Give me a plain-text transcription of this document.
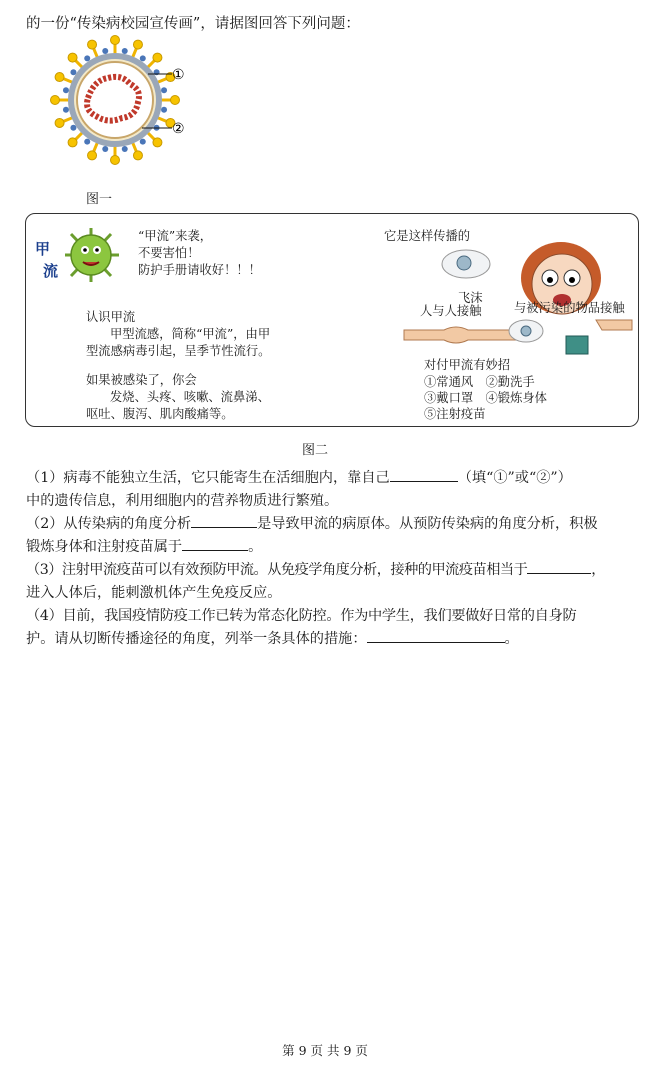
的一份“传染病校园宣传画”，请据图回答下列问题：
①
②
图一
甲
流
“甲流”来袭，
不要害怕！
防护手册请收好！！！
认识甲流
甲型流感，简称“甲流”，由甲
型流感病毒引起，呈季节性流行。
如果被感染了，你会
发烧、头疼、咳嗽、流鼻涕、
呕吐、腹泻、肌肉酸痛等。
它是这样传播的
飞沫
人与人接触	与被污染的物品接触
对付甲流有妙招
①常通风　②勤洗手
③戴口罩　④锻炼身体
⑤注射疫苗
图二
（1）病毒不能独立生活，它只能寄生在活细胞内，靠自己	（填“①”或“②”）
中的遗传信息，利用细胞内的营养物质进行繁殖。
（2）从传染病的角度分析	是导致甲流的病原体。从预防传染病的角度分析，积极
锻炼身体和注射疫苗属于	。
（3）注射甲流疫苗可以有效预防甲流。从免疫学角度分析，接种的甲流疫苗相当于	，
进入人体后，能刺激机体产生免疫反应。
（4）目前，我国疫情防疫工作已转为常态化防控。作为中学生，我们要做好日常的自身防
护。请从切断传播途径的角度，列举一条具体的措施：	。
第 9 页 共 9 页
